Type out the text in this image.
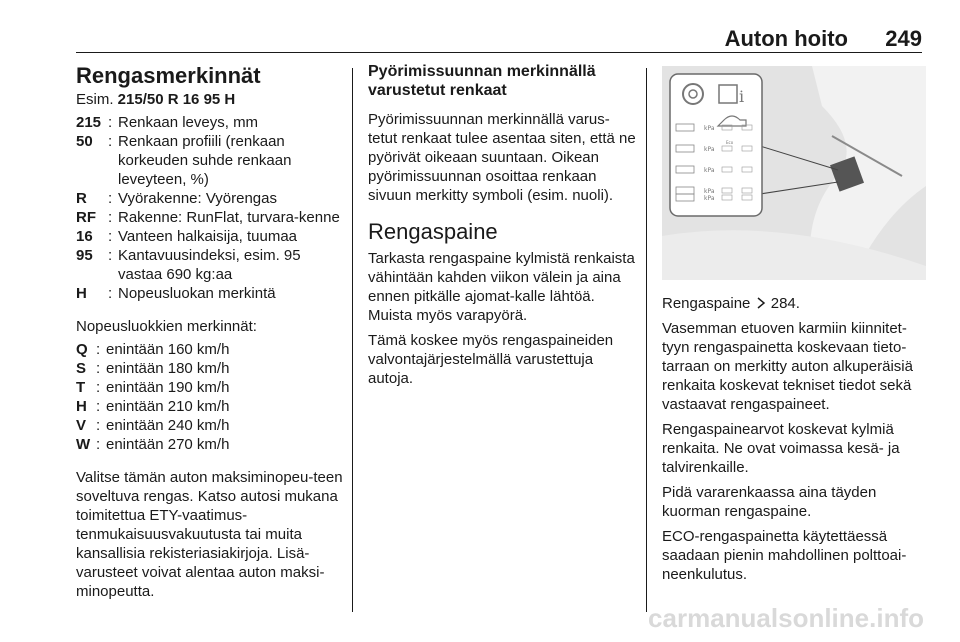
Auton hoito 249
Rengasmerkinnät

Esim. 215/50 R 16 95 H

215 : Renkaan leveys, mm
50	: Renkaan profiili (renkaan korkeuden suhde renkaan leveyteen, %)
R	: Vyörakenne: Vyörengas
RF : Rakenne: RunFlat, turvara-kenne
16	: Vanteen halkaisija, tuumaa
95	: Kantavuusindeksi, esim. 95 vastaa 690 kg:aa
H	: Nopeusluokan merkintä

Nopeusluokkien merkinnät:

Q : enintään 160 km/h
S : enintään 180 km/h
T : enintään 190 km/h
H : enintään 210 km/h
V : enintään 240 km/h
W : enintään 270 km/h

Valitse tämän auton maksiminopeu-teen soveltuva rengas. Katso autosi mukana toimitettua ETY-vaatimus-tenmukaisuusvakuutusta tai muita kansallisia rekisteriasiakirjoja. Lisä-varusteet voivat alentaa auton maksi-minopeutta.

Pyörimissuunnan merkinnällä varustetut renkaat

Pyörimissuunnan merkinnällä varus-tetut renkaat tulee asentaa siten, että ne pyörivät oikeaan suuntaan. Oikean pyörimissuunnan osoittaa renkaan sivuun merkitty symboli (esim. nuoli).

Rengaspaine

Tarkasta rengaspaine kylmistä renkaista vähintään kahden viikon välein ja aina ennen pitkälle ajomat-kalle lähtöä. Muista myös varapyörä.

Tämä koskee myös rengaspaineiden valvontajärjestelmällä varustettuja autoja.

i
kPa
kPa
kPa
kPa
kPa
Eco

Rengaspaine 284.

Vasemman etuoven karmiin kiinnitet-tyyn rengaspainetta koskevaan tieto-tarraan on merkitty auton alkuperäisiä renkaita koskevat tekniset tiedot sekä vastaavat rengaspaineet.

Rengaspainearvot koskevat kylmiä renkaita. Ne ovat voimassa kesä- ja talvirenkaille.

Pidä vararenkaassa aina täyden kuorman rengaspaine.

ECO-rengaspainetta käytettäessä saadaan pienin mahdollinen polttoai-neenkulutus.

carmanualsonline.info
